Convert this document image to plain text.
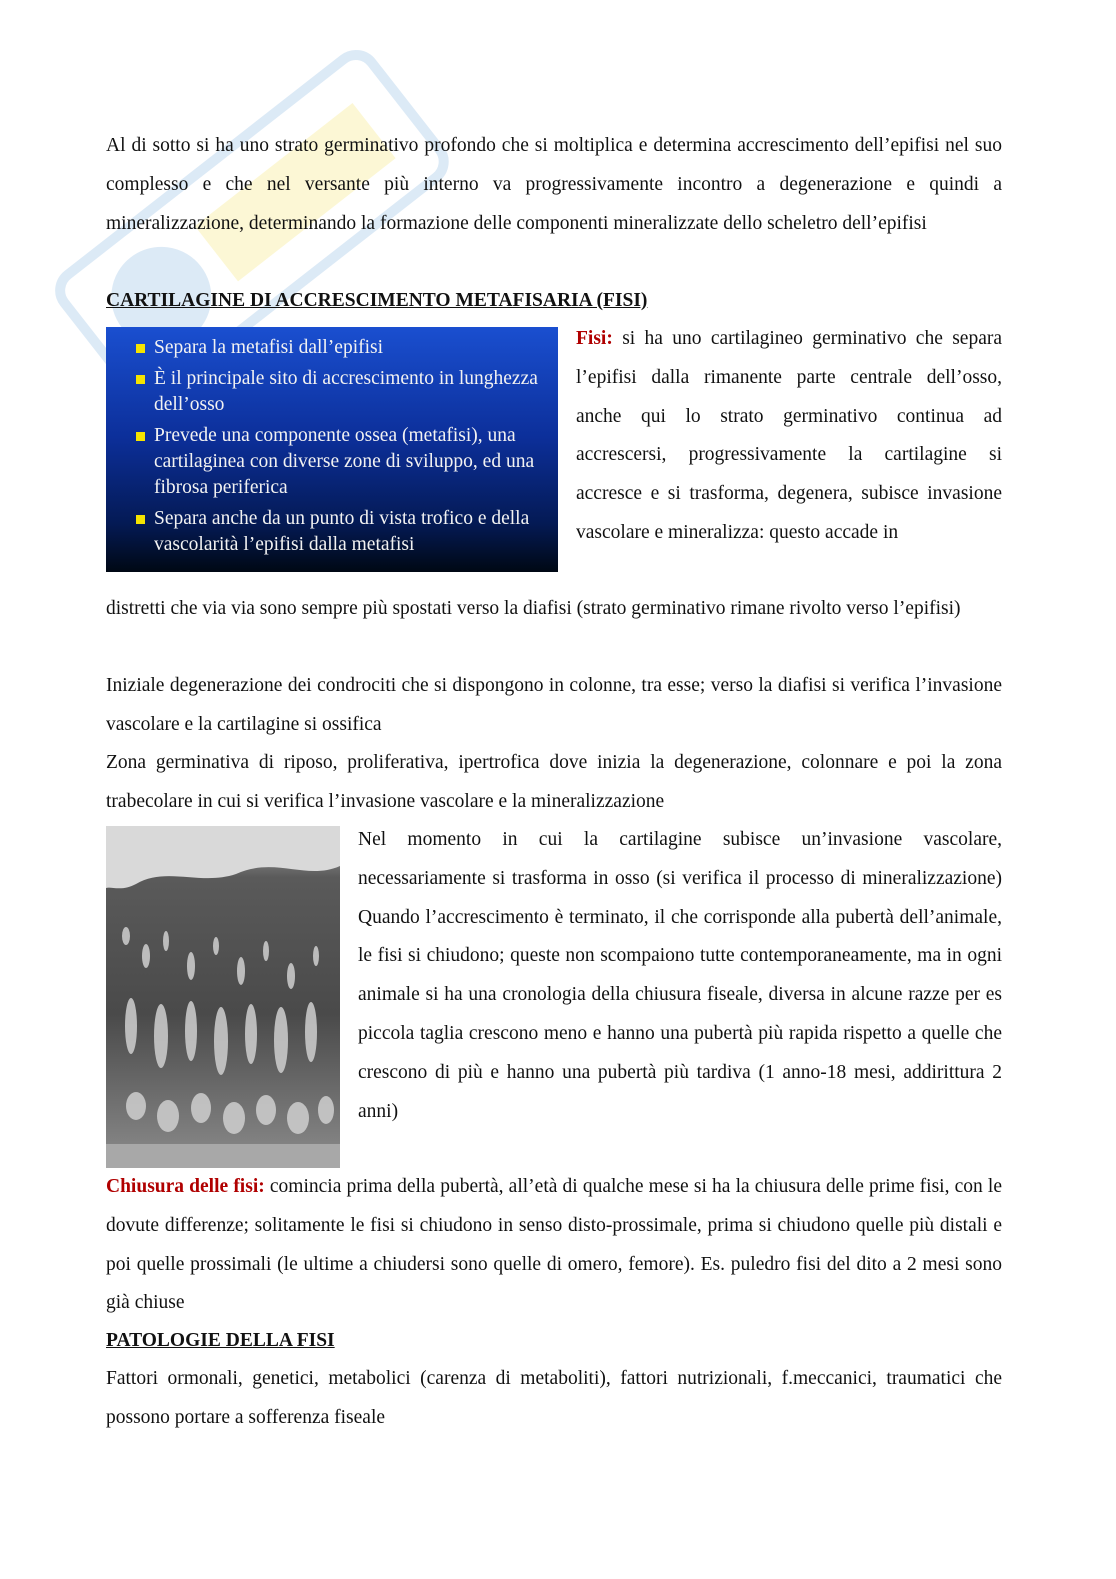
Al di sotto si ha uno strato germinativo profondo che si moltiplica e determina accrescimento dell’epifisi nel suo complesso e che nel versante più interno va progressivamente incontro a degenerazione e quindi a mineralizzazione, determinando la formazione delle componenti mineralizzate dello scheletro dell’epifisi

CARTILAGINE DI ACCRESCIMENTO METAFISARIA (FISI)

Separa la metafisi dall’epifisi
È il principale sito di accrescimento in lunghezza dell’osso
Prevede una componente ossea (metafisi), una cartilaginea con diverse zone di sviluppo, ed una fibrosa periferica
Separa anche da un punto di vista trofico e della vascolarità l’epifisi dalla metafisi

Fisi: si ha uno cartilagineo germinativo che separa l’epifisi dalla rimanente parte centrale dell’osso, anche qui lo strato germinativo continua ad accrescersi, progressivamente la cartilagine si accresce e si trasforma, degenera, subisce invasione vascolare e mineralizza: questo accade in

distretti che via via sono sempre più spostati verso la diafisi (strato germinativo rimane rivolto verso l’epifisi)

Iniziale degenerazione dei condrociti che si dispongono in colonne, tra esse; verso la diafisi si verifica l’invasione vascolare e la cartilagine si ossifica

Zona germinativa di riposo, proliferativa, ipertrofica dove inizia la degenerazione, colonnare e poi la zona trabecolare in cui si verifica l’invasione vascolare e la mineralizzazione

Nel momento in cui la cartilagine subisce un’invasione vascolare, necessariamente si trasforma in osso (si verifica il processo di mineralizzazione) Quando l’accrescimento è terminato, il che corrisponde alla pubertà dell’animale, le fisi si chiudono; queste non scompaiono tutte contemporaneamente, ma in ogni animale si ha una cronologia della chiusura fiseale, diversa in alcune razze per es piccola taglia crescono meno e hanno una pubertà più rapida rispetto a quelle che crescono di più e hanno una pubertà più tardiva (1 anno-18 mesi, addirittura 2 anni)

Chiusura delle fisi: comincia prima della pubertà, all’età di qualche mese si ha la chiusura delle prime fisi, con le dovute differenze; solitamente le fisi si chiudono in senso disto-prossimale, prima si chiudono quelle più distali e poi quelle prossimali (le ultime a chiudersi sono quelle di omero, femore). Es. puledro fisi del dito a 2 mesi sono già chiuse

PATOLOGIE DELLA FISI

Fattori ormonali, genetici, metabolici (carenza di metaboliti), fattori nutrizionali, f.meccanici, traumatici che possono portare a sofferenza fiseale
